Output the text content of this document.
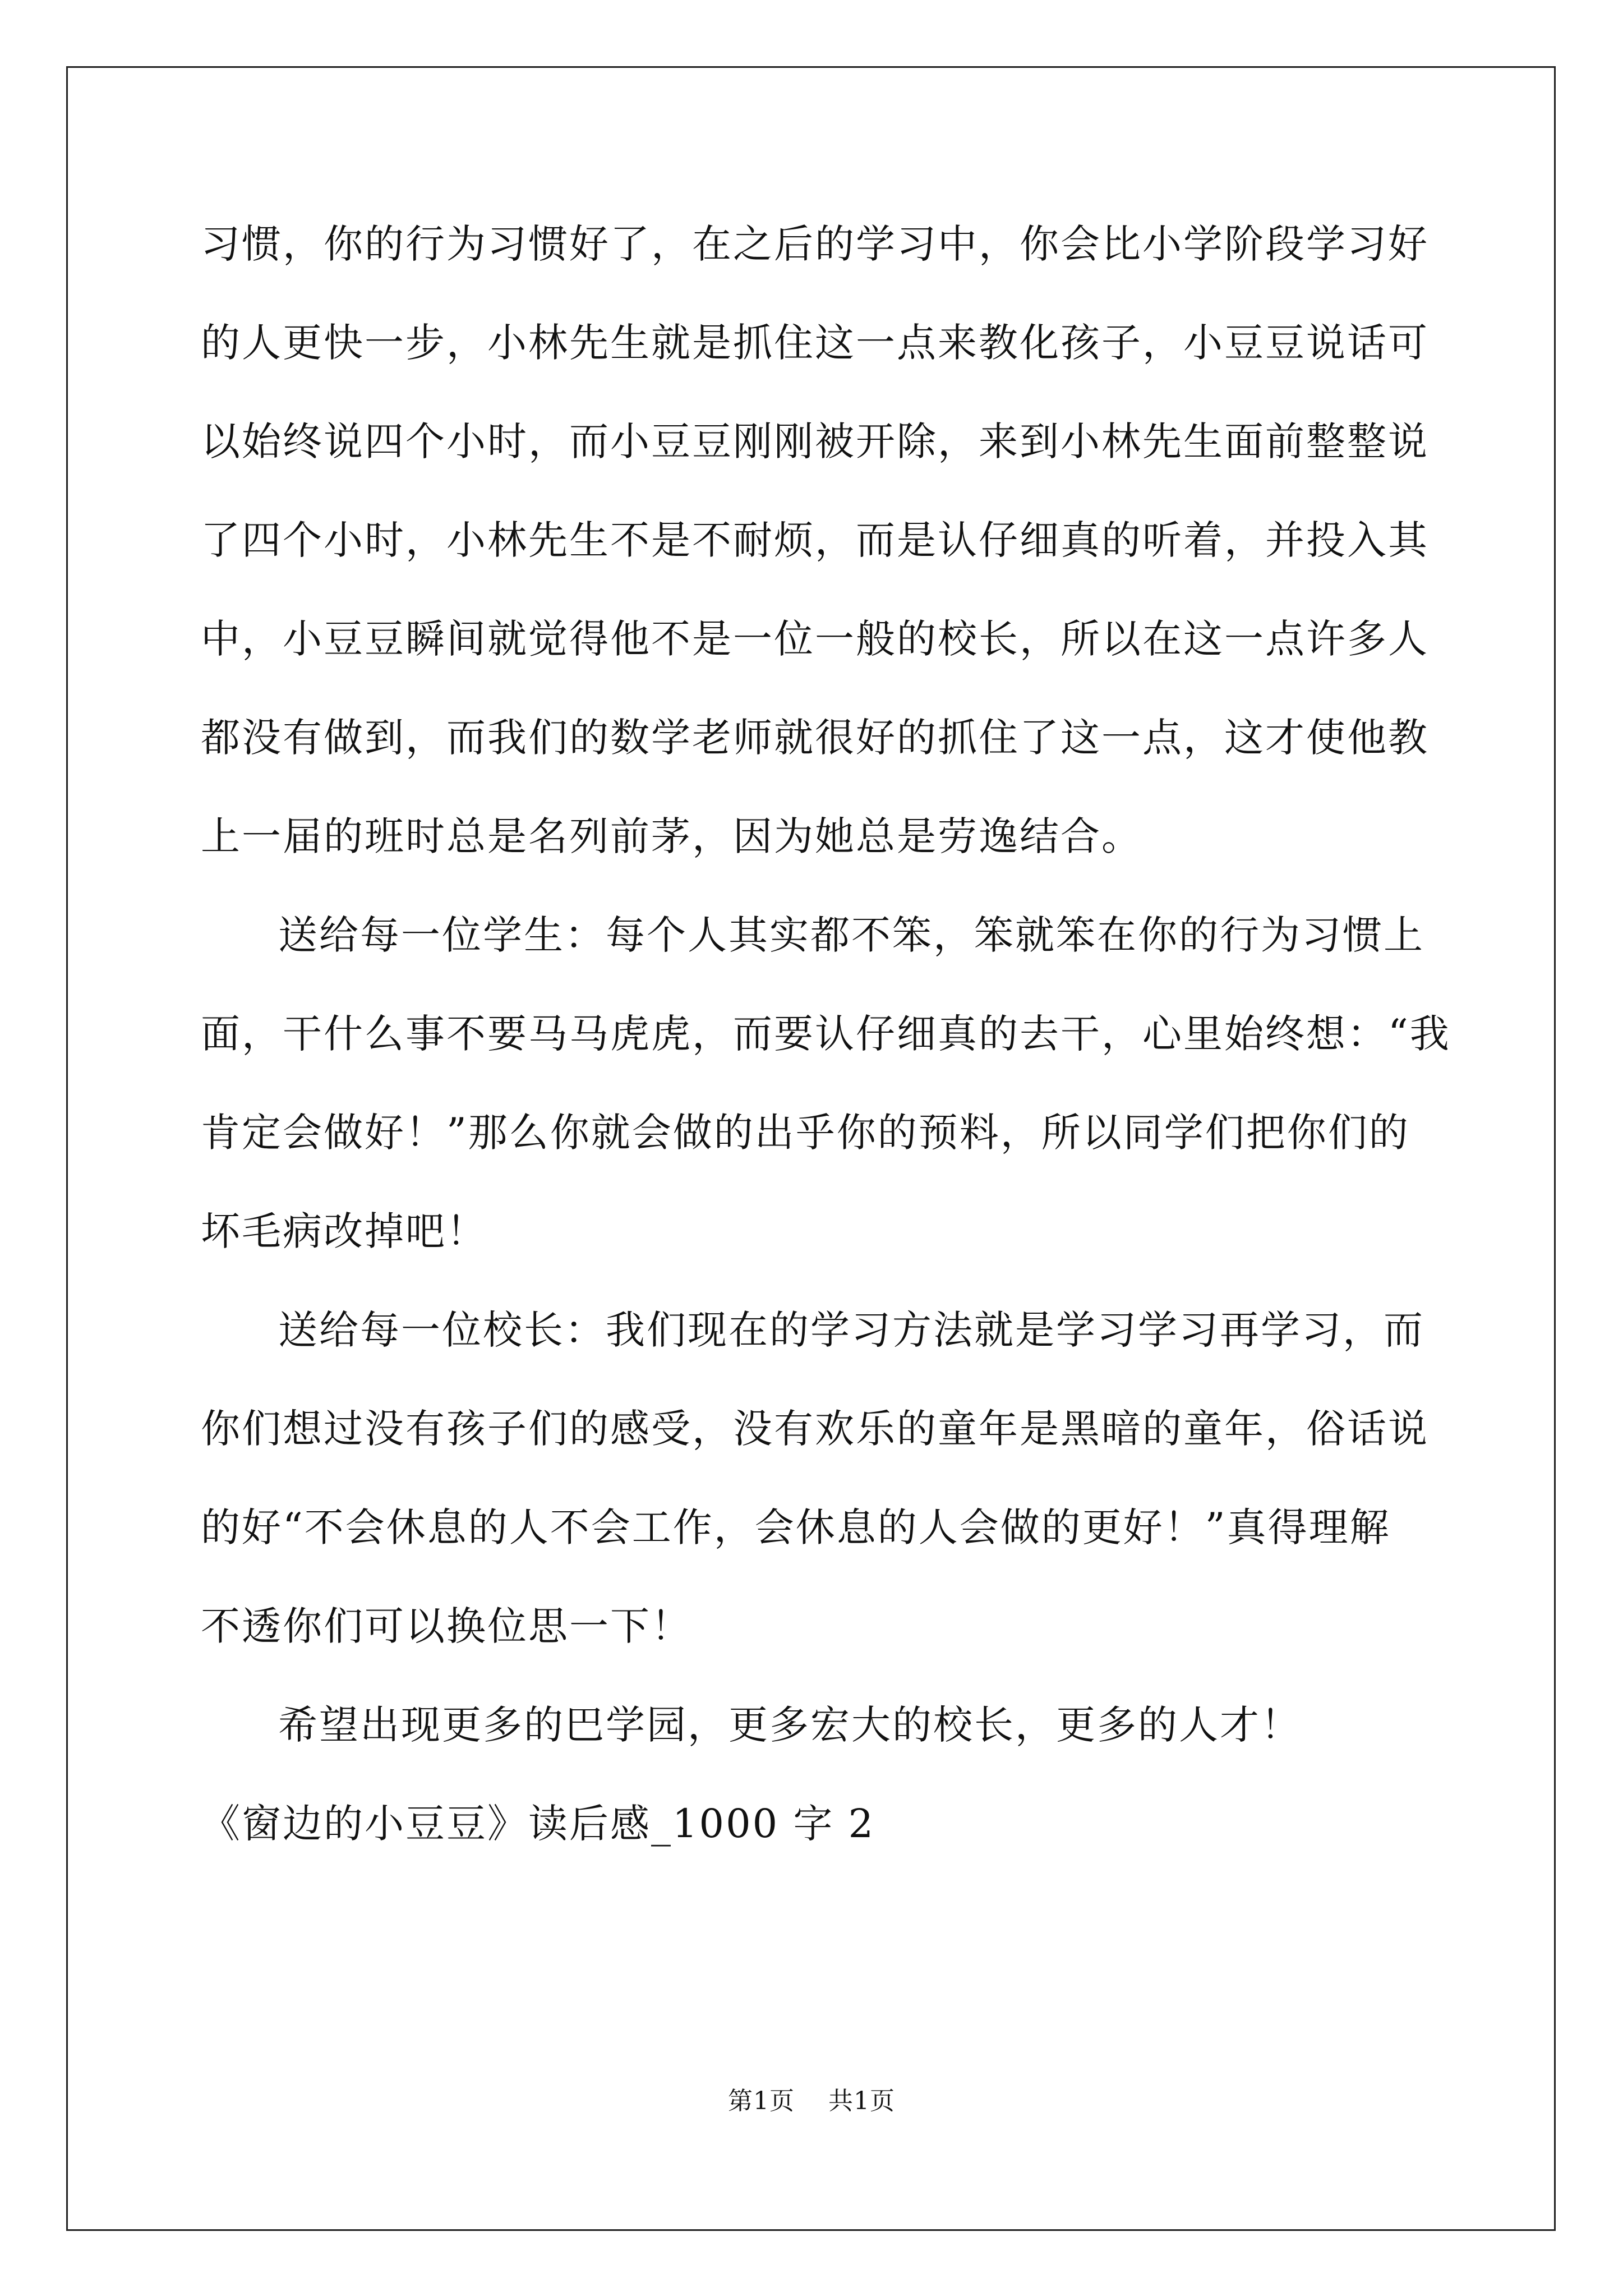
习惯，你的行为习惯好了，在之后的学习中，你会比小学阶段学习好
的人更快一步，小林先生就是抓住这一点来教化孩子，小豆豆说话可
以始终说四个小时，而小豆豆刚刚被开除，来到小林先生面前整整说
了四个小时，小林先生不是不耐烦，而是认仔细真的听着，并投入其
中，小豆豆瞬间就觉得他不是一位一般的校长，所以在这一点许多人
都没有做到，而我们的数学老师就很好的抓住了这一点，这才使他教
上一届的班时总是名列前茅，因为她总是劳逸结合。
送给每一位学生：每个人其实都不笨，笨就笨在你的行为习惯上
面，干什么事不要马马虎虎，而要认仔细真的去干，心里始终想：“我
肯定会做好！”那么你就会做的出乎你的预料，所以同学们把你们的
坏毛病改掉吧！
送给每一位校长：我们现在的学习方法就是学习学习再学习，而
你们想过没有孩子们的感受，没有欢乐的童年是黑暗的童年，俗话说
的好“不会休息的人不会工作，会休息的人会做的更好！”真得理解
不透你们可以换位思一下！
希望出现更多的巴学园，更多宏大的校长，更多的人才！
《窗边的小豆豆》读后感_1000 字 2
第1页 共1页
